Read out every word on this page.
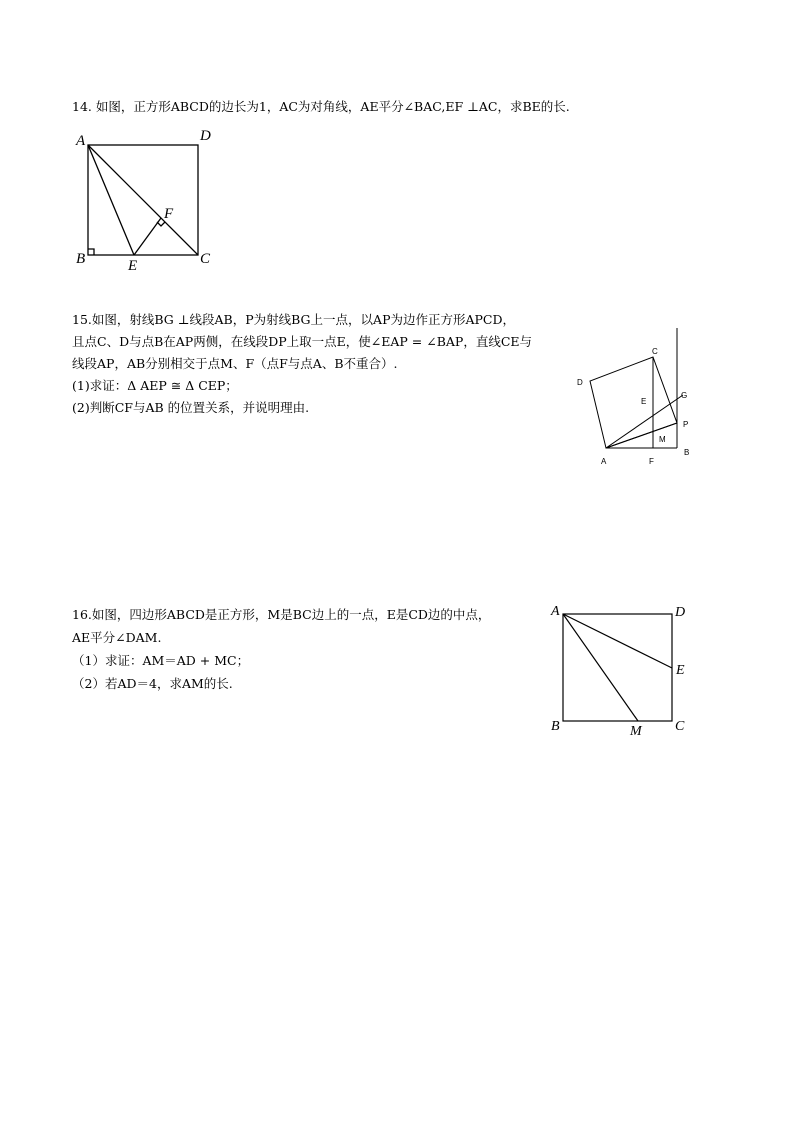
14. 如图，正方形ABCD的边长为1，AC为对角线，AE平分∠BAC,EF ⊥AC，求BE的长.
A	D
B	C
E
F
15.如图，射线BG ⊥线段AB，P为射线BG上一点，以AP为边作正方形APCD，
且点C、D与点B在AP两侧，在线段DP上取一点E，使∠EAP = ∠BAP，直线CE与
线段AP，AB分别相交于点M、F（点F与点A、B不重合）.
(1)求证：Δ AEP ≅ Δ CEP；
(2)判断CF与AB 的位置关系，并说明理由.
C
D
E
G
P
M
A	F
B
16.如图，四边形ABCD是正方形，M是BC边上的一点，E是CD边的中点，
AE平分∠DAM.
（1）求证：AM＝AD + MC；
（2）若AD＝4，求AM的长.
A	D
E
B	C
M
